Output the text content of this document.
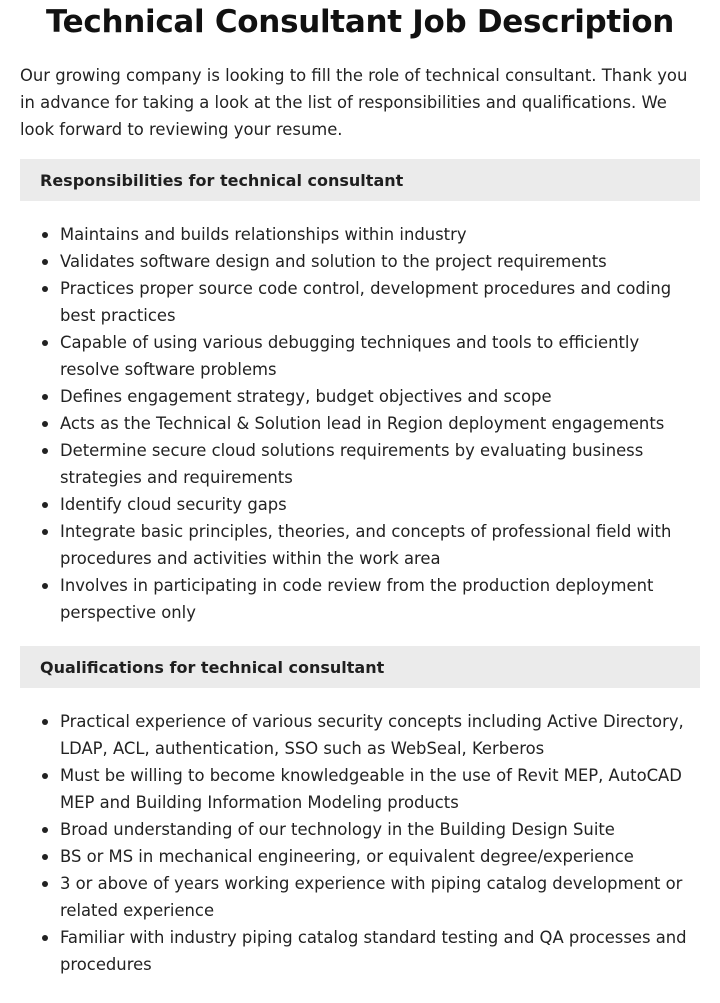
Technical Consultant Job Description

Our growing company is looking to fill the role of technical consultant. Thank you in advance for taking a look at the list of responsibilities and qualifications. We look forward to reviewing your resume.

Responsibilities for technical consultant
Maintains and builds relationships within industry
Validates software design and solution to the project requirements
Practices proper source code control, development procedures and coding best practices
Capable of using various debugging techniques and tools to efficiently resolve software problems
Defines engagement strategy, budget objectives and scope
Acts as the Technical & Solution lead in Region deployment engagements
Determine secure cloud solutions requirements by evaluating business strategies and requirements
Identify cloud security gaps
Integrate basic principles, theories, and concepts of professional field with procedures and activities within the work area
Involves in participating in code review from the production deployment perspective only
Qualifications for technical consultant
Practical experience of various security concepts including Active Directory, LDAP, ACL, authentication, SSO such as WebSeal, Kerberos
Must be willing to become knowledgeable in the use of Revit MEP, AutoCAD MEP and Building Information Modeling products
Broad understanding of our technology in the Building Design Suite
BS or MS in mechanical engineering, or equivalent degree/experience
3 or above of years working experience with piping catalog development or related experience
Familiar with industry piping catalog standard testing and QA processes and procedures
